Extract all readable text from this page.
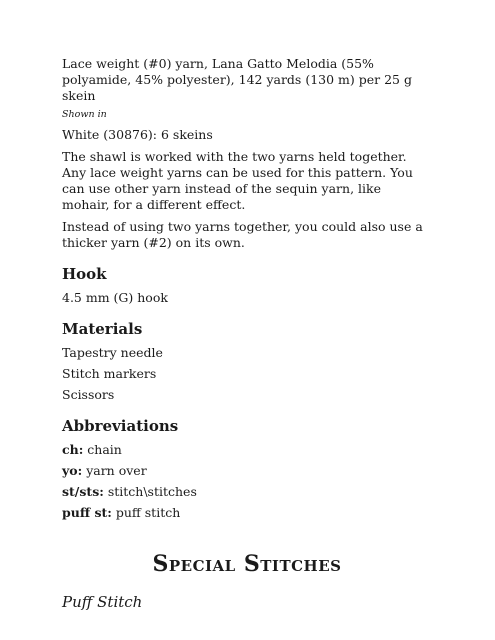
Lace weight (#0) yarn, Lana Gatto Melodia (55% polyamide, 45% polyester), 142 yards (130 m) per 25 g skein

Shown in

White (30876): 6 skeins

The shawl is worked with the two yarns held together. Any lace weight yarns can be used for this pattern. You can use other yarn instead of the sequin yarn, like mohair, for a different effect.

Instead of using two yarns together, you could also use a thicker yarn (#2) on its own.

Hook

4.5 mm (G) hook

Materials

Tapestry needle

Stitch markers

Scissors

Abbreviations

ch: chain

yo: yarn over

st/sts: stitch\stitches

puff st: puff stitch

Special Stitches
Puff Stitch
